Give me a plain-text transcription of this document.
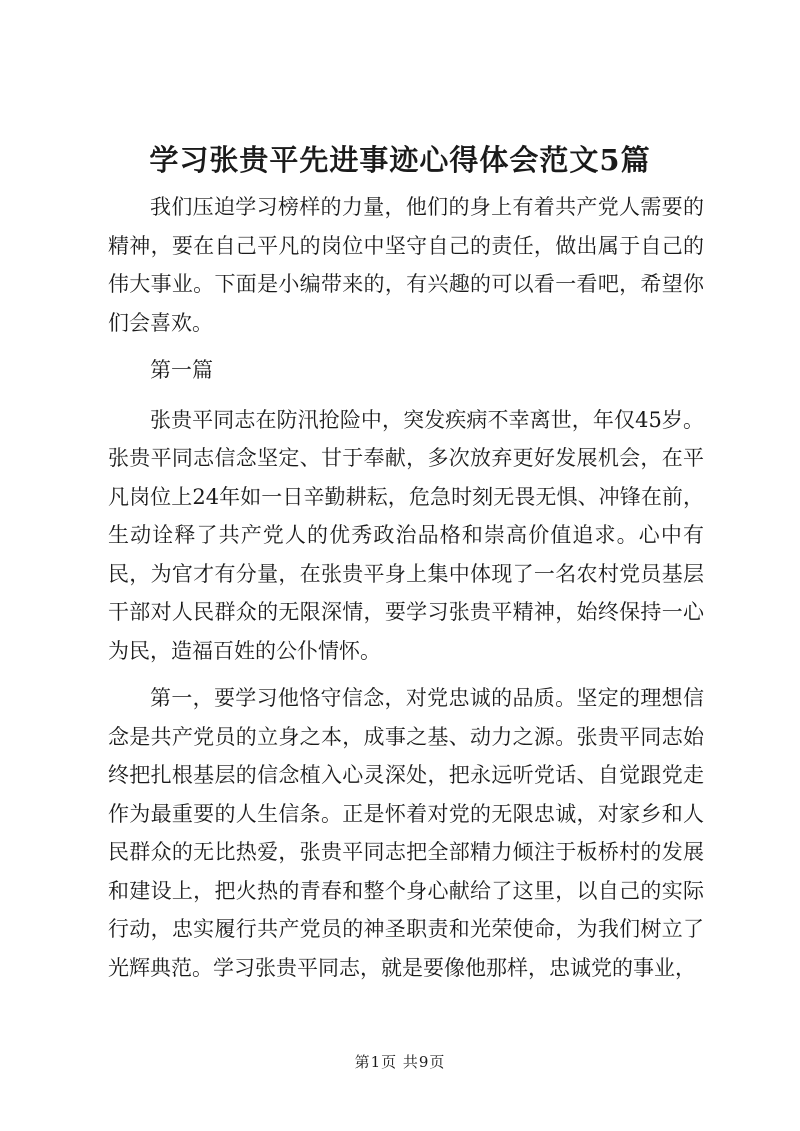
学习张贵平先进事迹心得体会范文5篇

我们压迫学习榜样的力量，他们的身上有着共产党人需要的精神，要在自己平凡的岗位中坚守自己的责任，做出属于自己的伟大事业。下面是小编带来的，有兴趣的可以看一看吧，希望你们会喜欢。

第一篇

张贵平同志在防汛抢险中，突发疾病不幸离世，年仅45岁。张贵平同志信念坚定、甘于奉献，多次放弃更好发展机会，在平凡岗位上24年如一日辛勤耕耘，危急时刻无畏无惧、冲锋在前，生动诠释了共产党人的优秀政治品格和崇高价值追求。心中有民，为官才有分量，在张贵平身上集中体现了一名农村党员基层干部对人民群众的无限深情，要学习张贵平精神，始终保持一心为民，造福百姓的公仆情怀。

第一，要学习他恪守信念，对党忠诚的品质。坚定的理想信念是共产党员的立身之本，成事之基、动力之源。张贵平同志始终把扎根基层的信念植入心灵深处，把永远听党话、自觉跟党走作为最重要的人生信条。正是怀着对党的无限忠诚，对家乡和人民群众的无比热爱，张贵平同志把全部精力倾注于板桥村的发展和建设上，把火热的青春和整个身心献给了这里，以自己的实际行动，忠实履行共产党员的神圣职责和光荣使命，为我们树立了光辉典范。学习张贵平同志，就是要像他那样，忠诚党的事业，

第1页 共9页
